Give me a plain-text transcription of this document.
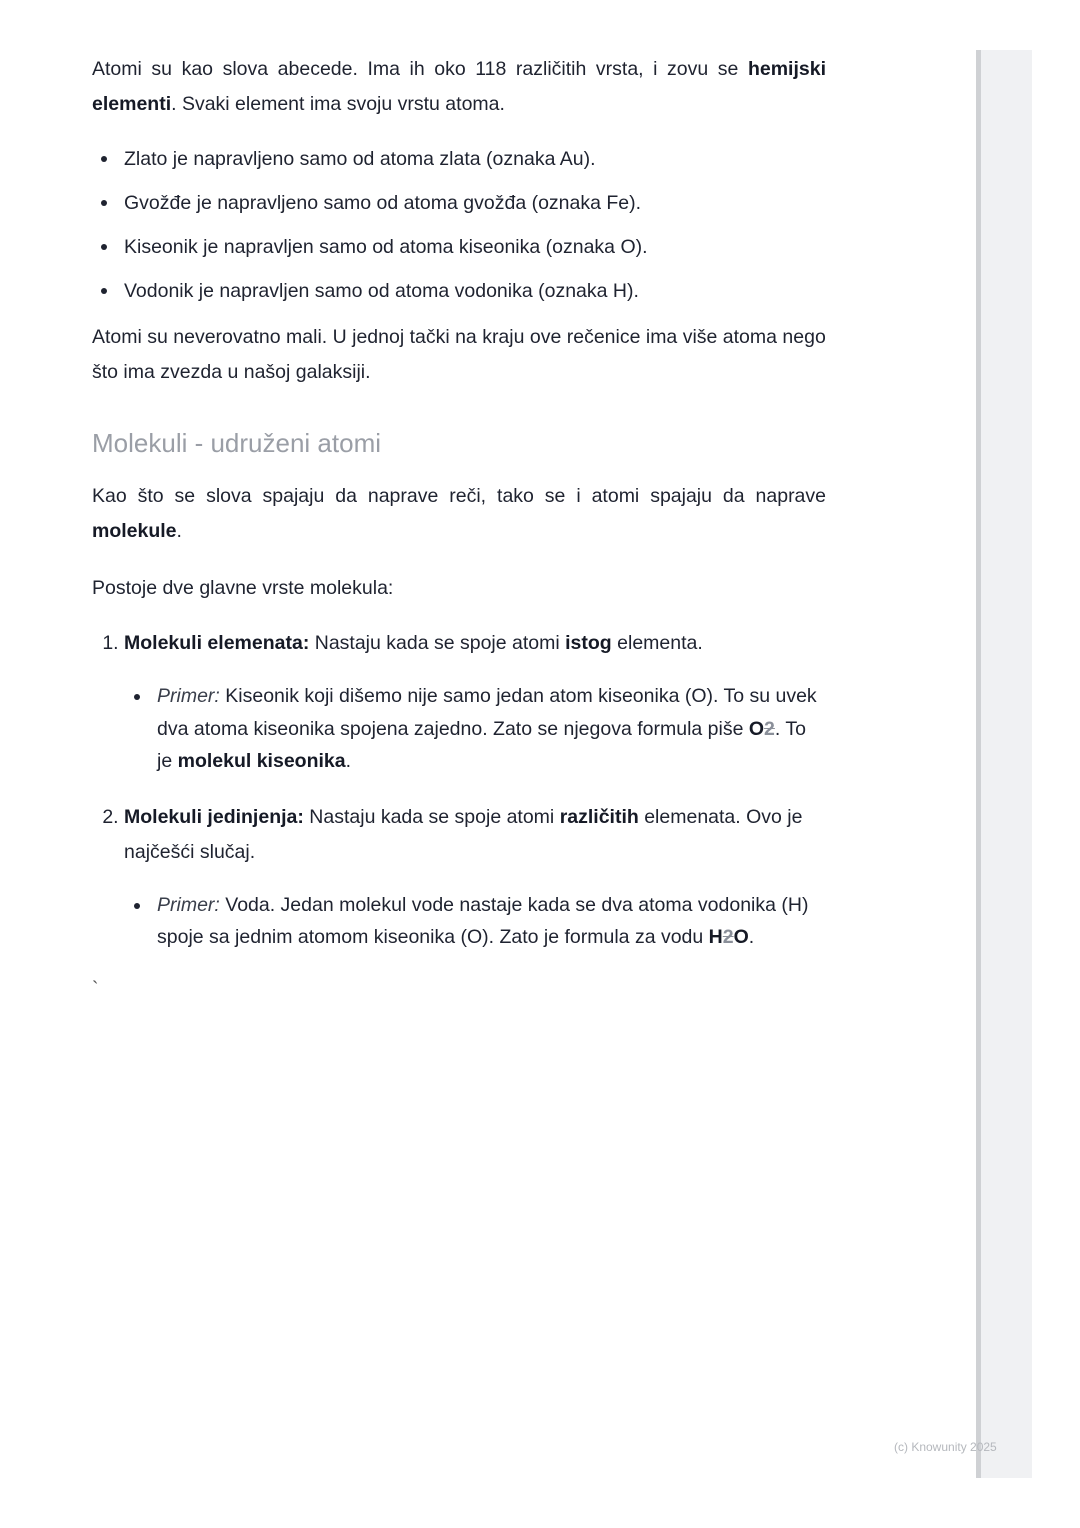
Atomi su kao slova abecede. Ima ih oko 118 različitih vrsta, i zovu se hemijski elementi. Svaki element ima svoju vrstu atoma.

Zlato je napravljeno samo od atoma zlata (oznaka Au).
Gvožđe je napravljeno samo od atoma gvožđa (oznaka Fe).
Kiseonik je napravljen samo od atoma kiseonika (oznaka O).
Vodonik je napravljen samo od atoma vodonika (oznaka H).

Atomi su neverovatno mali. U jednoj tački na kraju ove rečenice ima više atoma nego što ima zvezda u našoj galaksiji.

Molekuli - udruženi atomi

Kao što se slova spajaju da naprave reči, tako se i atomi spajaju da naprave molekule.

Postoje dve glavne vrste molekula:

1. Molekuli elemenata: Nastaju kada se spoje atomi istog elementa.
Primer: Kiseonik koji dišemo nije samo jedan atom kiseonika (O). To su uvek dva atoma kiseonika spojena zajedno. Zato se njegova formula piše O2. To je molekul kiseonika.
2. Molekuli jedinjenja: Nastaju kada se spoje atomi različitih elemenata. Ovo je najčešći slučaj.
Primer: Voda. Jedan molekul vode nastaje kada se dva atoma vodonika (H) spoje sa jednim atomom kiseonika (O). Zato je formula za vodu H2O.

`

(c) Knowunity 2025
